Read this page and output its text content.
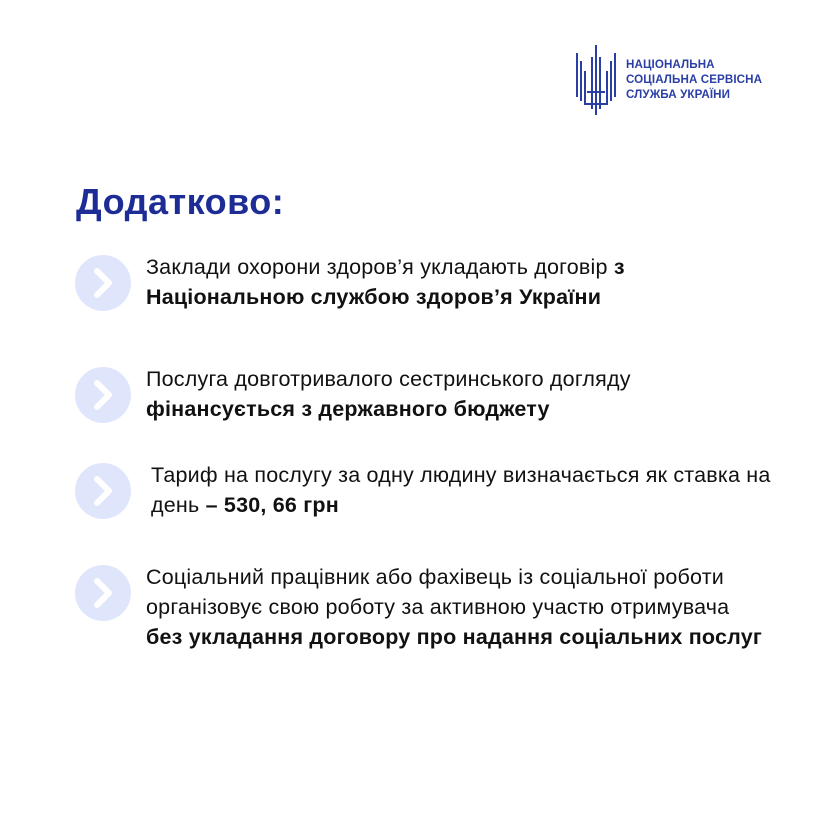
НАЦІОНАЛЬНА
СОЦІАЛЬНА СЕРВІСНА
СЛУЖБА УКРАЇНИ
Додатково:
Заклади охорони здоров’я укладають договір з Національною службою здоров’я України
Послуга довготривалого сестринського догляду фінансується з державного бюджету
Тариф на послугу за одну людину визначається як ставка на день – 530, 66 грн
Соціальний працівник або фахівець із соціальної роботи організовує свою роботу за активною участю отримувача без укладання договору про надання соціальних послуг
